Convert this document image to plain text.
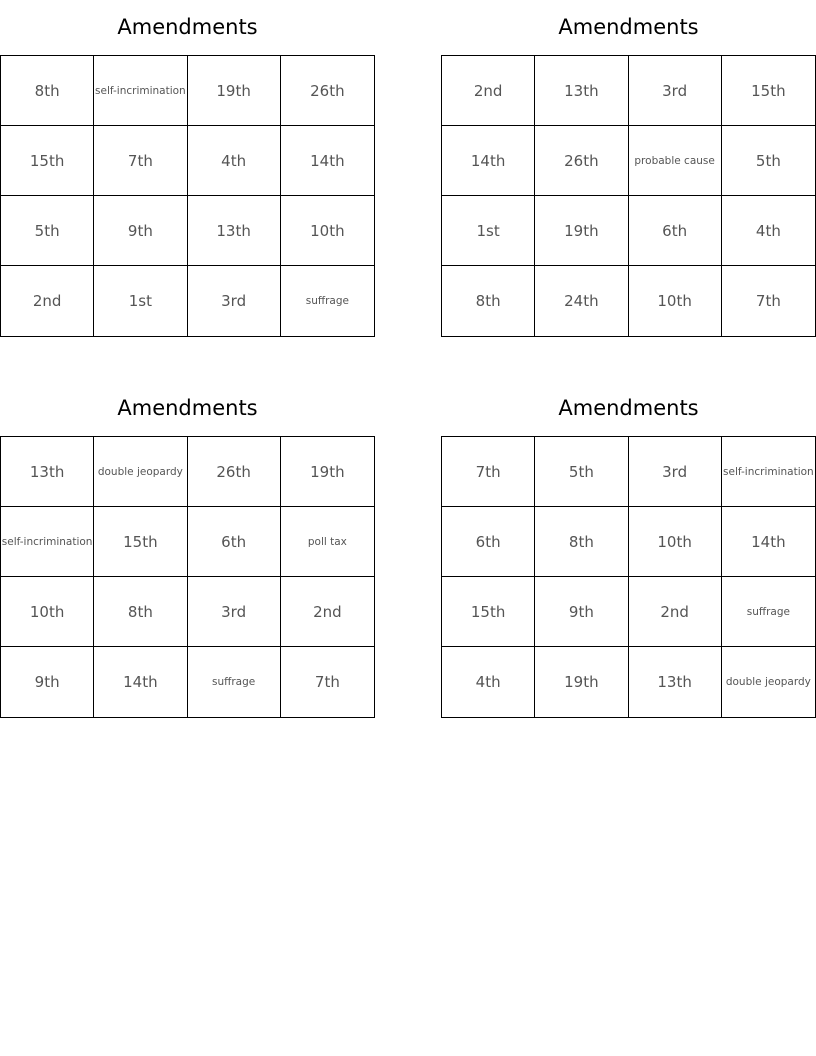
Amendments
8th	self-incrimination	19th	26th
15th	7th	4th	14th
5th	9th	13th	10th
2nd	1st	3rd	suffrage
Amendments
2nd	13th	3rd	15th
14th	26th	probable cause	5th
1st	19th	6th	4th
8th	24th	10th	7th
Amendments
13th	double jeopardy	26th	19th
self-incrimination	15th	6th	poll tax
10th	8th	3rd	2nd
9th	14th	suffrage	7th
Amendments
7th	5th	3rd	self-incrimination
6th	8th	10th	14th
15th	9th	2nd	suffrage
4th	19th	13th	double jeopardy
